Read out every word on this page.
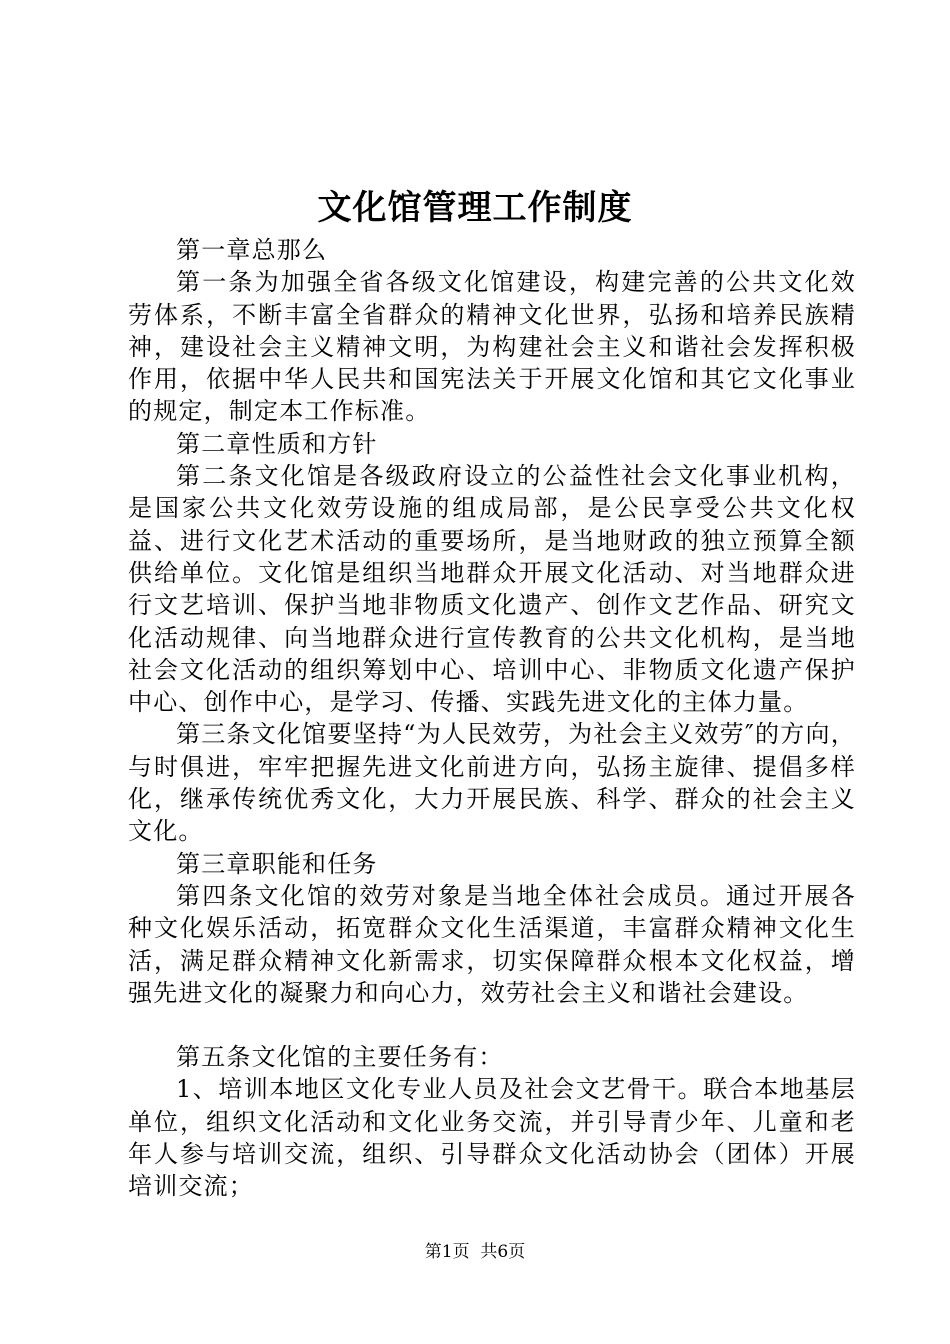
文化馆管理工作制度

第一章总那么

第一条为加强全省各级文化馆建设，构建完善的公共文化效劳体系，不断丰富全省群众的精神文化世界，弘扬和培养民族精神，建设社会主义精神文明，为构建社会主义和谐社会发挥积极作用，依据中华人民共和国宪法关于开展文化馆和其它文化事业的规定，制定本工作标准。

第二章性质和方针

第二条文化馆是各级政府设立的公益性社会文化事业机构，是国家公共文化效劳设施的组成局部，是公民享受公共文化权益、进行文化艺术活动的重要场所，是当地财政的独立预算全额供给单位。文化馆是组织当地群众开展文化活动、对当地群众进行文艺培训、保护当地非物质文化遗产、创作文艺作品、研究文化活动规律、向当地群众进行宣传教育的公共文化机构，是当地社会文化活动的组织筹划中心、培训中心、非物质文化遗产保护中心、创作中心，是学习、传播、实践先进文化的主体力量。

第三条文化馆要坚持“为人民效劳，为社会主义效劳″的方向，与时俱进，牢牢把握先进文化前进方向，弘扬主旋律、提倡多样化，继承传统优秀文化，大力开展民族、科学、群众的社会主义文化。

第三章职能和任务

第四条文化馆的效劳对象是当地全体社会成员。通过开展各种文化娱乐活动，拓宽群众文化生活渠道，丰富群众精神文化生活，满足群众精神文化新需求，切实保障群众根本文化权益，增强先进文化的凝聚力和向心力，效劳社会主义和谐社会建设。

第五条文化馆的主要任务有：

1、培训本地区文化专业人员及社会文艺骨干。联合本地基层单位，组织文化活动和文化业务交流，并引导青少年、儿童和老年人参与培训交流，组织、引导群众文化活动协会（团体）开展培训交流；

第1页  共6页
